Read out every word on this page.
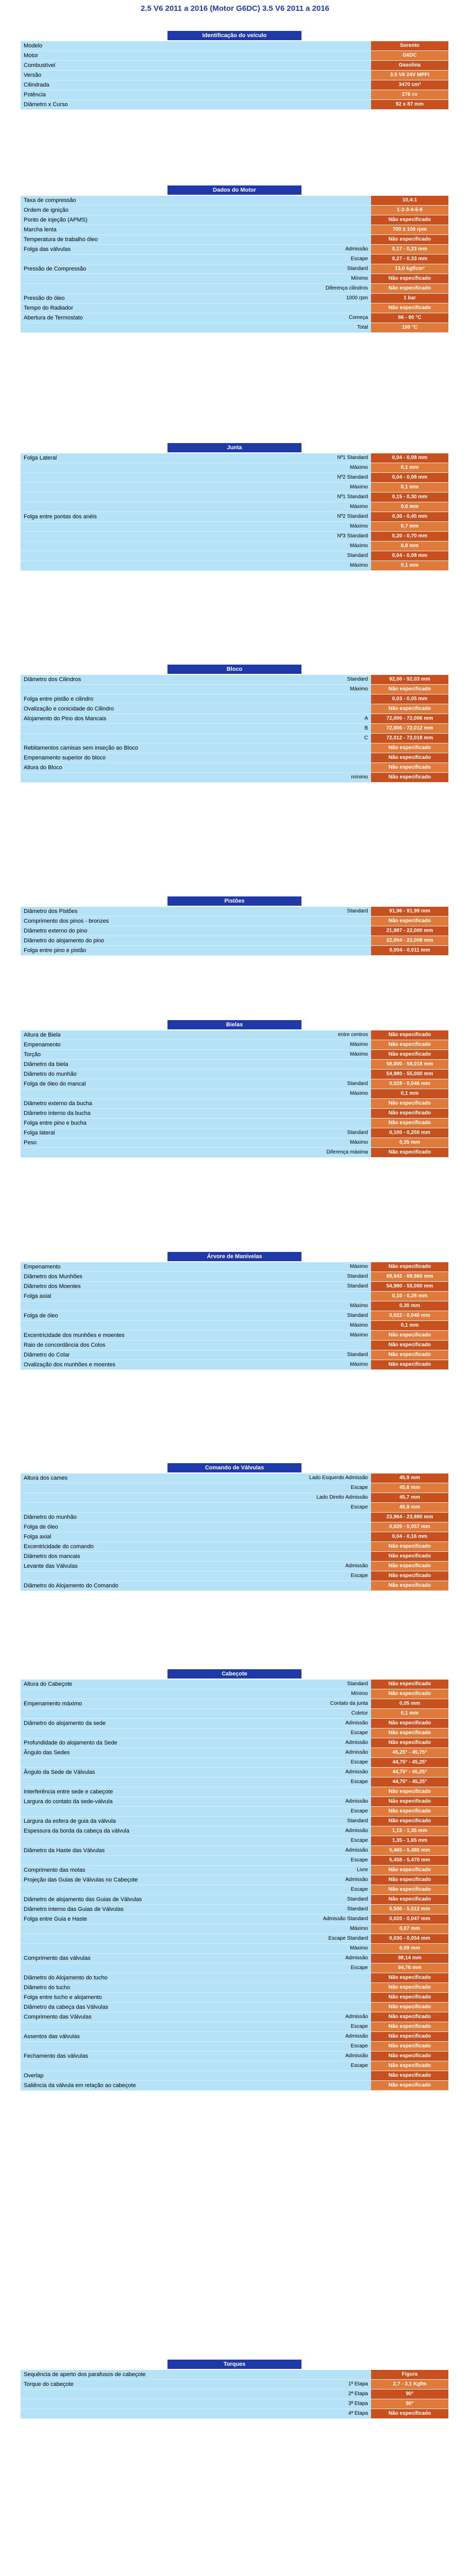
2.5 V6 2011 a 2016 (Motor G6DC) 3.5 V6 2011 a 2016
Identificação do veículo
Modelo	Sorento
Motor	G6DC
Combustível	Gasolina
Versão	3.5 V6 24V MPFI
Cilindrada	3470 cm³
Potência	276 cv
Diâmetro x Curso	92 x 87 mm
Dados do Motor
Taxa de compressão	10,4:1
Ordem de ignição	1-2-3-4-5-6
Ponto de injeção (APMS)	Não especificado
Marcha lenta	700 ± 100 rpm
Temperatura de trabalho óleo	Não especificado
Folga das válvulas	Admissão	0,17 - 0,23 mm
Escape	0,27 - 0,33 mm
Pressão de Compressão	Standard	13,0 kgf/cm²
Mínimo	Não especificado
Diferença cilindros	Não especificado
Pressão do óleo	1000 rpm	1 bar
Tempo do Radiador	Não especificado
Abertura de Termostato	Começa	86 - 90 °C
Total	100 °C
Junta
Folga Lateral	Nº1 Standard	0,04 - 0,08 mm
Máximo	0,1 mm
Nº2 Standard	0,04 - 0,08 mm
Máximo	0,1 mm
Nº1 Standard	0,15 - 0,30 mm
Máximo	0,6 mm
Folga entre pontas dos anéis	Nº2 Standard	0,30 - 0,45 mm
Máximo	0,7 mm
Nº3 Standard	0,20 - 0,70 mm
Máximo	0,8 mm
Standard	0,04 - 0,08 mm
Máximo	0,1 mm
Bloco
Diâmetro dos Cilindros	Standard	92,00 - 92,03 mm
Máximo	Não especificado
Folga entre pistão e cilindro	0,03 - 0,05 mm
Ovalização e conicidade do Cilindro	Não especificado
Alojamento do Pino dos Mancais	A	72,000 - 72,006 mm
B	72,006 - 72,012 mm
C	72,012 - 72,018 mm
Rebitamentos camisas sem inseção ao Bloco	Não especificado
Empenamento superior do bloco	Não especificado
Altura do Bloco	Não especificado
mínimo	Não especificado
Pistões
Diâmetro dos Pistões	Standard	91,96 - 91,99 mm
Comprimento dos pinos - bronzes	Não especificado
Diâmetro externo do pino	21,997 - 22,000 mm
Diâmetro do alojamento do pino	22,004 - 22,008 mm
Folga entre pino e pistão	0,004 - 0,011 mm
Bielas
Altura de Biela	entre centros	Não especificado
Empenamento	Máximo	Não especificado
Torção	Máximo	Não especificado
Diâmetro da biela	58,000 - 58,018 mm
Diâmetro do munhão	54,980 - 55,000 mm
Folga de óleo do mancal	Standard	0,028 - 0,046 mm
Máximo	0,1 mm
Diâmetro externo da bucha	Não especificado
Diâmetro interno da bucha	Não especificado
Folga entre pino e bucha	Não especificado
Folga lateral	Standard	0,100 - 0,250 mm
Peso	Máximo	0,35 mm
Diferença máxima	Não especificado
Árvore de Manivelas
Empenamento	Máximo	Não especificado
Diâmetro dos Munhões	Standard	68,942 - 68,960 mm
Diâmetro dos Moentes	Standard	54,980 - 55,000 mm
Folga axial	0,10 - 0,28 mm
Máximo	0,30 mm
Folga de óleo	Standard	0,022 - 0,040 mm
Máximo	0,1 mm
Excentricidade dos munhões e moentes	Máximo	Não especificado
Raio de concordância dos Colos	Não especificado
Diâmetro do Colar	Standard	Não especificado
Ovalização dos munhões e moentes	Máximo	Não especificado
Comando de Válvulas
Altura dos cames	Lado Esquerdo Admissão	45,9 mm
Escape	45,6 mm
Lado Direito Admissão	45,7 mm
Escape	45,9 mm
Diâmetro do munhão	23,964 - 23,980 mm
Folga de óleo	0,020 - 0,057 mm
Folga axial	0,04 - 0,16 mm
Excentricidade do comando	Não especificado
Diâmetro dos mancais	Não especificado
Levante das Válvulas	Admissão	Não especificado
Escape	Não especificado
Diâmetro do Alojamento do Comando	Não especificado
Cabeçote
Altura do Cabeçote	Standard	Não especificado
Mínimo	Não especificado
Empenamento máximo	Contato da junta	0,05 mm
Coletor	0,1 mm
Diâmetro do alojamento da sede	Admissão	Não especificado
Escape	Não especificado
Profundidade do alojamento da Sede	Admissão	Não especificado
Ângulo das Sedes	Admissão	45,25° - 45,75°
Escape	44,75° - 45,25°
Ângulo da Sede de Válvulas	Admissão	44,75° - 45,25°
Escape	44,75° - 45,25°
Interferência entre sede e cabeçote	Não especificado
Largura do contato da sede-válvula	Admissão	Não especificado
Escape	Não especificado
Largura da esfera de guia da válvula	Standard	Não especificado
Espessura da borda da cabeça da válvula	Admissão	1,15 - 1,35 mm
Escape	1,35 - 1,65 mm
Diâmetro da Haste das Válvulas	Admissão	5,465 - 5,480 mm
Escape	5,458 - 5,470 mm
Comprimento das molas	Livre	Não especificado
Projeção das Guias de Válvulas no Cabeçote	Admissão	Não especificado
Escape	Não especificado
Diâmetro de alojamento das Guias de Válvulas	Standard	Não especificado
Diâmetro interno das Guias de Válvulas	Standard	5,500 - 5,512 mm
Folga entre Guia e Haste	Admissão Standard	0,020 - 0,047 mm
Máximo	0,07 mm
Escape Standard	0,030 - 0,054 mm
Máximo	0,09 mm
Comprimento das válvulas	Admissão	98,14 mm
Escape	94,76 mm
Diâmetro do Alojamento do tucho	Não especificado
Diâmetro do tucho	Não especificado
Folga entre tucho e alojamento	Não especificado
Diâmetro da cabeça das Válvulas	Não especificado
Comprimento das Válvulas	Admissão	Não especificado
Escape	Não especificado
Assentos das válvulas	Admissão	Não especificado
Escape	Não especificado
Fechamento das válvulas	Admissão	Não especificado
Escape	Não especificado
Overlap	Não especificado
Saliência da válvula em relação ao cabeçote	Não especificado
Torques
Sequência de aperto dos parafusos de cabeçote	Figura
Torque do cabeçote	1ª Etapa	2,7 - 3,1 Kgfm
2ª Etapa	90°
3ª Etapa	90°
4ª Etapa	Não especificado
